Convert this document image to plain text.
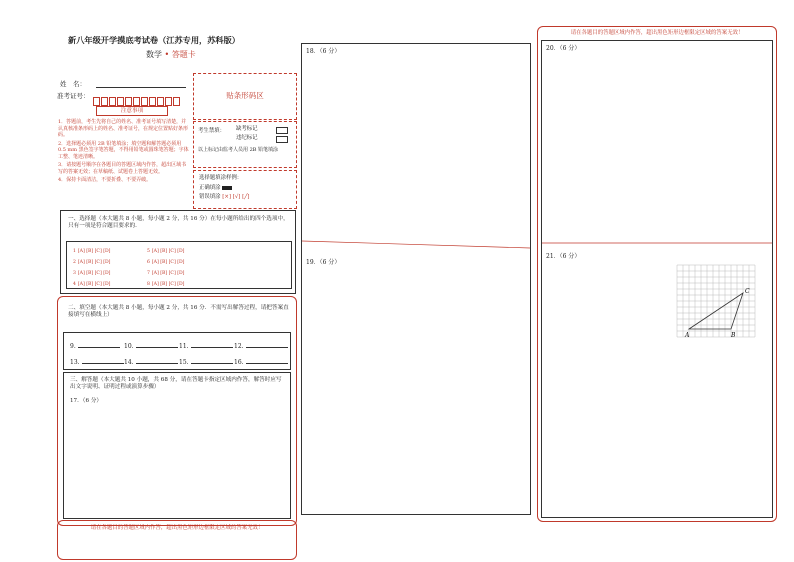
新八年级开学摸底考试卷（江苏专用，苏科版）
数学 • 答题卡
姓　名：
准考证号：
注意事项
1．答题前，考生先将自己的姓名、准考证号填写清楚，并认真核准条形码上的姓名、准考证号，在规定位置贴好条形码。
2．选择题必须用 2B 铅笔填涂；填空题和解答题必须用 0.5 mm 黑色签字笔答题，不得用铅笔或圆珠笔答题；字体工整、笔迹清晰。
3．请按题号顺序在各题目的答题区域内作答，超出区域书写的答案无效；在草稿纸、试题卷上答题无效。
4．保持卡面清洁，不要折叠、不要弄破。
贴条形码区
考生禁填： 缺考标记
违纪标记
以上标记由监考人员用 2B 铅笔填涂
选择题填涂样例：
正确填涂
错误填涂 [×] [√] [╱]
一、选择题（本大题共 8 小题，每小题 2 分，共 16 分）在每小题所给出的四个选项中，只有一项是符合题目要求的.
1 [A] [B] [C] [D]	5 [A] [B] [C] [D]
2 [A] [B] [C] [D]	6 [A] [B] [C] [D]
3 [A] [B] [C] [D]	7 [A] [B] [C] [D]
4 [A] [B] [C] [D]	8 [A] [B] [C] [D]
二、填空题（本大题共 8 小题，每小题 2 分，共 16 分．不需写出解答过程，请把答案直接填写在横线上）
9.	10.	11.	12.
13.	14.	15.	16.
三、解答题（本大题共 10 小题，共 68 分，请在答题卡指定区域内作答，解答时应写出文字说明、证明过程或演算步骤）
17．（6 分）
请在各题目的答题区域内作答，超出黑色矩形边框限定区域的答案无效！
18．（6 分）
19．（6 分）
请在各题目的答题区域内作答，超出黑色矩形边框限定区域的答案无效！
20．（6 分）
21．（6 分）
A	B
C
